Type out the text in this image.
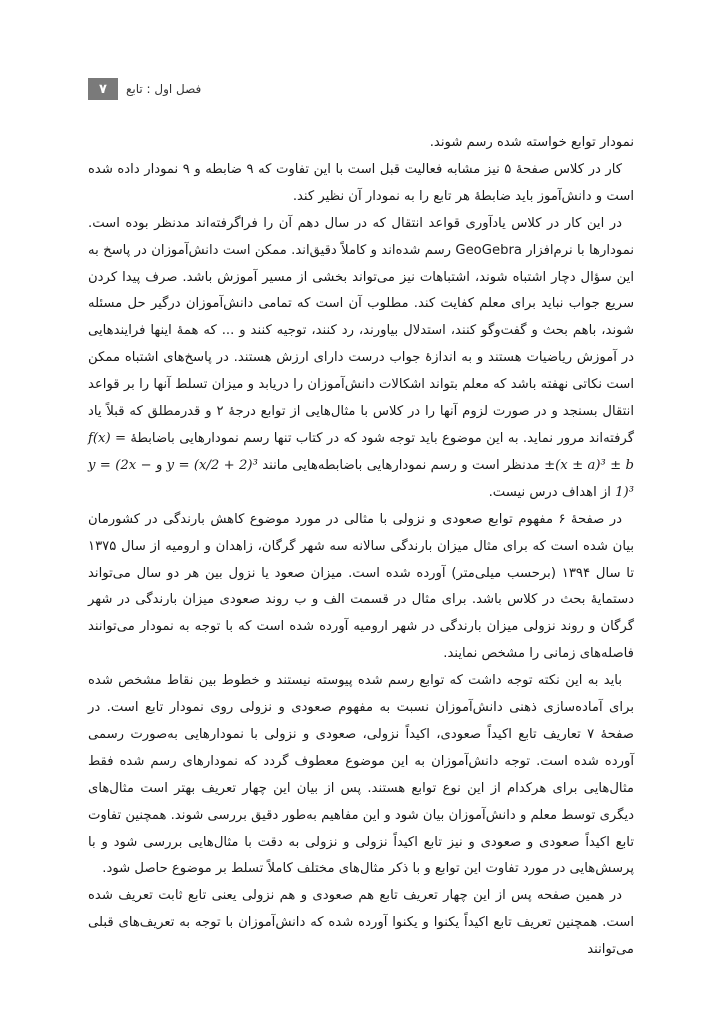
۷	فصل اول : تابع

نمودار توابع خواسته شده رسم شوند.

کار در کلاس صفحهٔ ۵ نیز مشابه فعالیت قبل است با این تفاوت که ۹ ضابطه و ۹ نمودار داده شده است و دانش‌آموز باید ضابطهٔ هر تابع را به نمودار آن نظیر کند.

در این کار در کلاس یادآوری قواعد انتقال که در سال دهم آن را فراگرفته‌اند مدنظر بوده است. نمودارها با نرم‌افزار GeoGebra رسم شده‌اند و کاملاً دقیق‌اند. ممکن است دانش‌آموزان در پاسخ به این سؤال دچار اشتباه شوند، اشتباهات نیز می‌تواند بخشی از مسیر آموزش باشد. صرف پیدا کردن سریع جواب نباید برای معلم کفایت کند. مطلوب آن است که تمامی دانش‌آموزان درگیر حل مسئله شوند، باهم بحث و گفت‌وگو کنند، استدلال بیاورند، رد کنند، توجیه کنند و ... که همهٔ اینها فرایندهایی در آموزش ریاضیات هستند و به اندازهٔ جواب درست دارای ارزش هستند. در پاسخ‌های اشتباه ممکن است نکاتی نهفته باشد که معلم بتواند اشکالات دانش‌آموزان را دریابد و میزان تسلط آنها را بر قواعد انتقال بسنجد و در صورت لزوم آنها را در کلاس با مثال‌هایی از توابع درجهٔ ۲ و قدرمطلق که قبلاً یاد گرفته‌اند مرور نماید. به این موضوع باید توجه شود که در کتاب تنها رسم نمودارهایی باضابطهٔ f(x) = ±(x ± a)³ ± b مدنظر است و رسم نمودارهایی باضابطه‌هایی مانند y = (x/2 + 2)³ و y = (2x − 1)³ از اهداف درس نیست.

در صفحهٔ ۶ مفهوم توابع صعودی و نزولی با مثالی در مورد موضوع کاهش بارندگی در کشورمان بیان شده است که برای مثال میزان بارندگی سالانه سه شهر گرگان، زاهدان و ارومیه از سال ۱۳۷۵ تا سال ۱۳۹۴ (برحسب میلی‌متر) آورده شده است. میزان صعود یا نزول بین هر دو سال می‌تواند دستمایهٔ بحث در کلاس باشد. برای مثال در قسمت الف و ب روند صعودی میزان بارندگی در شهر گرگان و روند نزولی میزان بارندگی در شهر ارومیه آورده شده است که با توجه به نمودار می‌توانند فاصله‌های زمانی را مشخص نمایند.

باید به این نکته توجه داشت که توابع رسم شده پیوسته نیستند و خطوط بین نقاط مشخص شده برای آماده‌سازی ذهنی دانش‌آموزان نسبت به مفهوم صعودی و نزولی روی نمودار تابع است. در صفحهٔ ۷ تعاریف تابع اکیداً صعودی، اکیداً نزولی، صعودی و نزولی با نمودارهایی به‌صورت رسمی آورده شده است. توجه دانش‌آموزان به این موضوع معطوف گردد که نمودارهای رسم شده فقط مثال‌هایی برای هرکدام از این نوع توابع هستند. پس از بیان این چهار تعریف بهتر است مثال‌های دیگری توسط معلم و دانش‌آموزان بیان شود و این مفاهیم به‌طور دقیق بررسی شوند. همچنین تفاوت تابع اکیداً صعودی و صعودی و نیز تابع اکیداً نزولی و نزولی به دقت با مثال‌هایی بررسی شود و با پرسش‌هایی در مورد تفاوت این توابع و با ذکر مثال‌های مختلف کاملاً تسلط بر موضوع حاصل شود.

در همین صفحه پس از این چهار تعریف تابع هم صعودی و هم نزولی یعنی تابع ثابت تعریف شده است. همچنین تعریف تابع اکیداً یکنوا و یکنوا آورده شده که دانش‌آموزان با توجه به تعریف‌های قبلی می‌توانند
